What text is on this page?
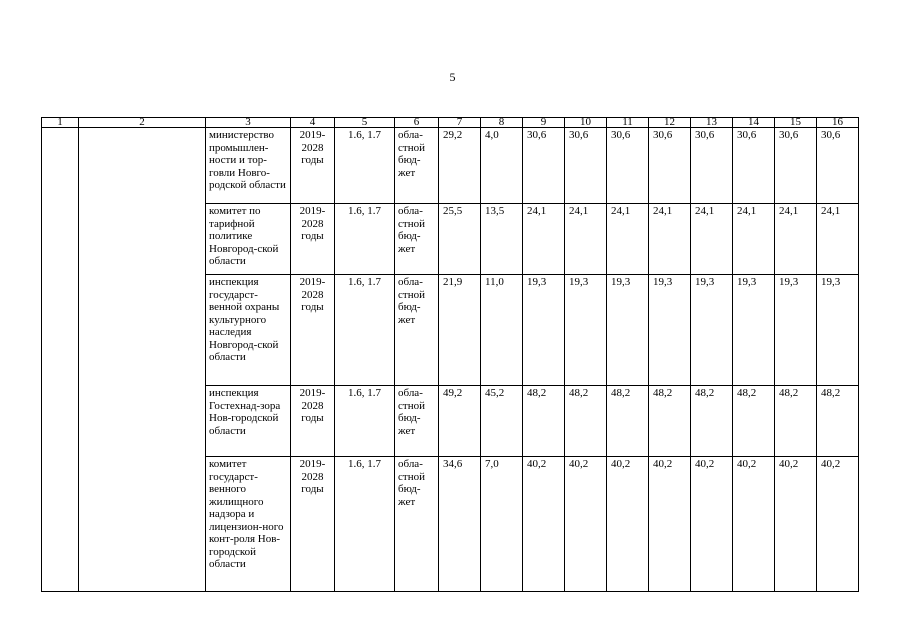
5
1	2	3	4	5	6	7	8	9	10	11	12	13	14	15	16
		министерство промышлен-ности и тор-говли Новго-родской области	2019-2028 годы	1.6, 1.7	обла-стной бюд-жет	29,2	4,0	30,6	30,6	30,6	30,6	30,6	30,6	30,6	30,6
		комитет по тарифной политике Новгород-ской области	2019-2028 годы	1.6, 1.7	обла-стной бюд-жет	25,5	13,5	24,1	24,1	24,1	24,1	24,1	24,1	24,1	24,1
		инспекция государст-венной охраны культурного наследия Новгород-ской области	2019-2028 годы	1.6, 1.7	обла-стной бюд-жет	21,9	11,0	19,3	19,3	19,3	19,3	19,3	19,3	19,3	19,3
		инспекция Гостехнад-зора Нов-городской области	2019-2028 годы	1.6, 1.7	обла-стной бюд-жет	49,2	45,2	48,2	48,2	48,2	48,2	48,2	48,2	48,2	48,2
		комитет государст-венного жилищного надзора и лицензион-ного конт-роля Нов-городской области	2019-2028 годы	1.6, 1.7	обла-стной бюд-жет	34,6	7,0	40,2	40,2	40,2	40,2	40,2	40,2	40,2	40,2
